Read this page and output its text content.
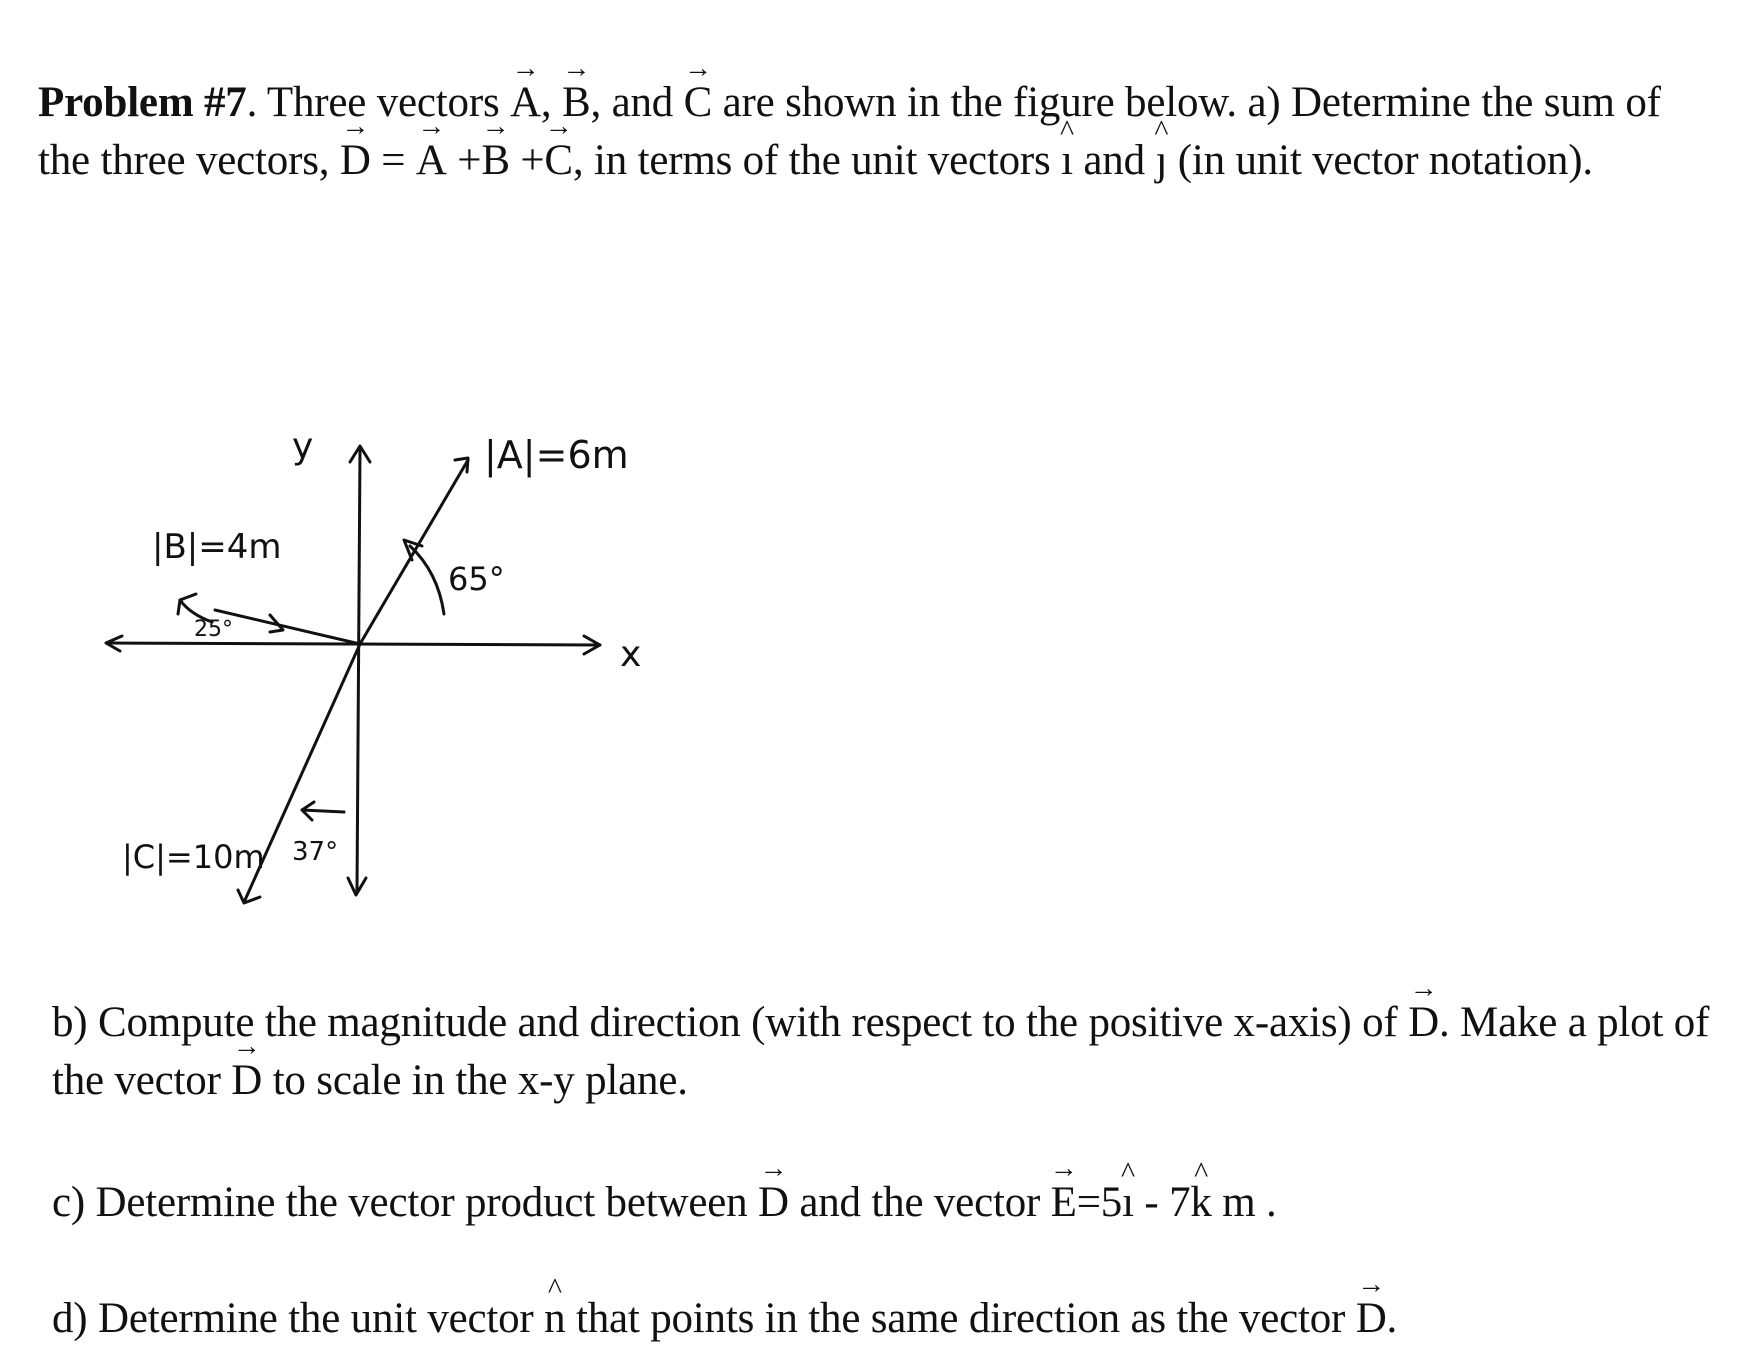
Problem #7. Three vectors → A, → B, and → C are shown in the figure below. a) Determine the sum of the three vectors, → D = → A +→ B +→ C, in terms of the unit vectors ^ ı and ^ ȷ (in unit vector notation).
y
x
|A|=6m
|B|=4m
|C|=10m
65°
25°
37°
b) Compute the magnitude and direction (with respect to the positive x-axis) of → D. Make a plot of the vector → D to scale in the x-y plane.
c) Determine the vector product between → D and the vector → E=5^ ı - 7^ k m .
d) Determine the unit vector ^ n that points in the same direction as the vector → D.
